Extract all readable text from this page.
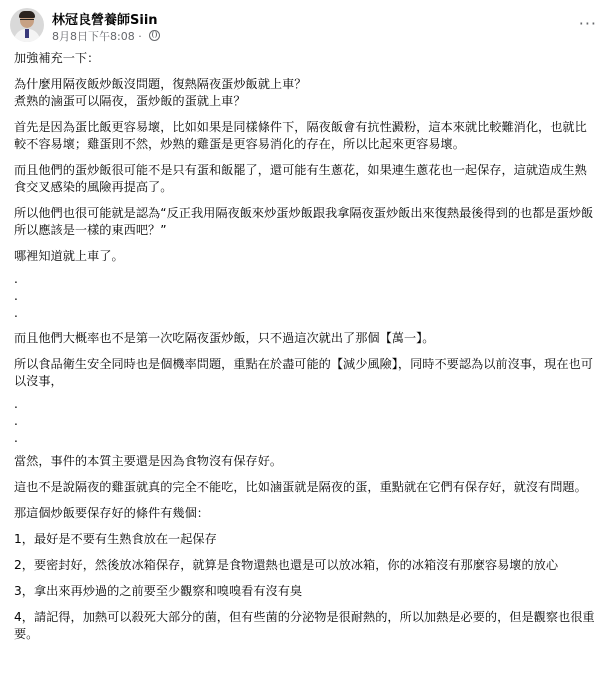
林冠良營養師Siin
8月8日下午8:08 ·
···

加強補充一下：

為什麼用隔夜飯炒飯沒問題，復熱隔夜蛋炒飯就上車？

煮熟的滷蛋可以隔夜，蛋炒飯的蛋就上車？

首先是因為蛋比飯更容易壞，比如如果是同樣條件下，隔夜飯會有抗性澱粉，這本來就比較難消化，也就比較不容易壞；雞蛋則不然，炒熟的雞蛋是更容易消化的存在，所以比起來更容易壞。

而且他們的蛋炒飯很可能不是只有蛋和飯罷了，還可能有生蔥花，如果連生蔥花也一起保存，這就造成生熟食交叉感染的風險再提高了。

所以他們也很可能就是認為“反正我用隔夜飯來炒蛋炒飯跟我拿隔夜蛋炒飯出來復熱最後得到的也都是蛋炒飯所以應該是一樣的東西吧？”

哪裡知道就上車了。

.

.

.

而且他們大概率也不是第一次吃隔夜蛋炒飯，只不過這次就出了那個【萬一】。

所以食品衛生安全同時也是個機率問題，重點在於盡可能的【減少風險】，同時不要認為以前沒事，現在也可以沒事，

.

.

.

當然，事件的本質主要還是因為食物沒有保存好。

這也不是說隔夜的雞蛋就真的完全不能吃，比如滷蛋就是隔夜的蛋，重點就在它們有保存好，就沒有問題。

那這個炒飯要保存好的條件有幾個：

1，最好是不要有生熟食放在一起保存

2，要密封好，然後放冰箱保存，就算是食物還熱也還是可以放冰箱，你的冰箱沒有那麼容易壞的放心

3，拿出來再炒過的之前要至少觀察和嗅嗅看有沒有臭

4，請記得，加熱可以殺死大部分的菌，但有些菌的分泌物是很耐熱的，所以加熱是必要的，但是觀察也很重要。
